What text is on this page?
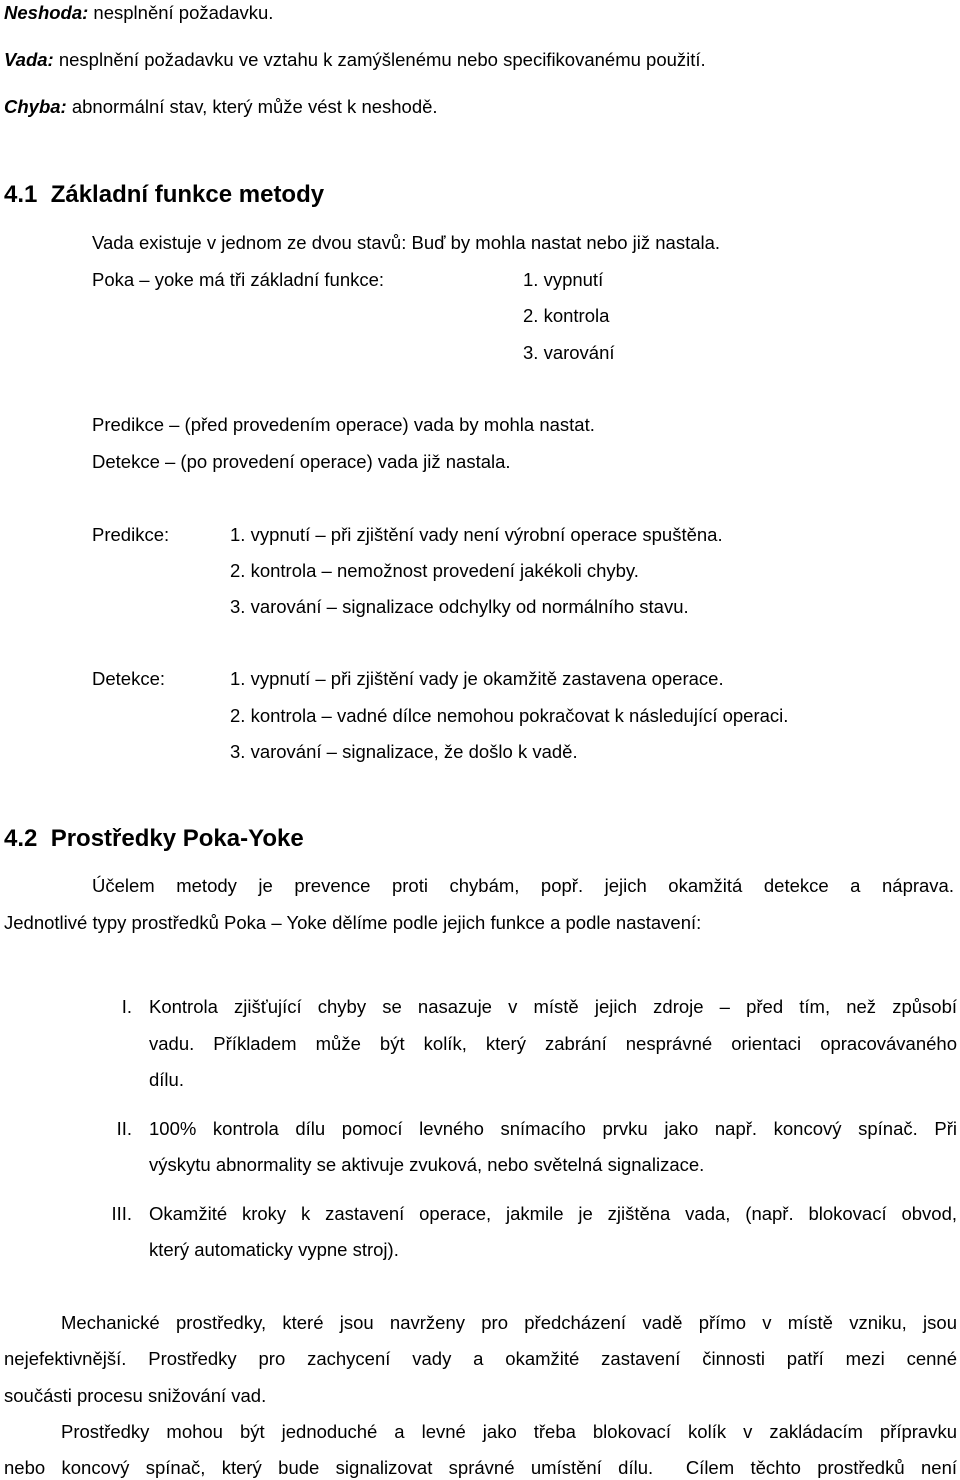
Neshoda: nesplnění požadavku.
Vada: nesplnění požadavku ve vztahu k zamýšlenému nebo specifikovanému použití.
Chyba: abnormální stav, který může vést k neshodě.
4.1  Základní funkce metody
Vada existuje v jednom ze dvou stavů: Buď by mohla nastat nebo již nastala.
Poka – yoke má tři základní funkce:	1. vypnutí
2. kontrola
3. varování
Predikce – (před provedením operace) vada by mohla nastat.
Detekce – (po provedení operace) vada již nastala.
Predikce:	1. vypnutí – při zjištění vady není výrobní operace spuštěna.
2. kontrola – nemožnost provedení jakékoli chyby.
3. varování – signalizace odchylky od normálního stavu.
Detekce:	1. vypnutí – při zjištění vady je okamžitě zastavena operace.
2. kontrola – vadné dílce nemohou pokračovat k následující operaci.
3. varování – signalizace, že došlo k vadě.
4.2  Prostředky Poka-Yoke
Účelem metody je prevence proti chybám, popř. jejich okamžitá detekce a náprava.
Jednotlivé typy prostředků Poka – Yoke dělíme podle jejich funkce a podle nastavení:
I. Kontrola zjišťující chyby se nasazuje v místě jejich zdroje – před tím, než způsobí
vadu. Příkladem může být kolík, který zabrání nesprávné orientaci opracovávaného
dílu.
II. 100% kontrola dílu pomocí levného snímacího prvku jako např. koncový spínač. Při
výskytu abnormality se aktivuje zvuková, nebo světelná signalizace.
III. Okamžité kroky k zastavení operace, jakmile je zjištěna vada, (např. blokovací obvod,
který automaticky vypne stroj).
Mechanické prostředky, které jsou navrženy pro předcházení vadě přímo v místě vzniku, jsou
nejefektivnější. Prostředky pro zachycení vady a okamžité zastavení činnosti patří mezi cenné
součásti procesu snižování vad.
Prostředky mohou být jednoduché a levné jako třeba blokovací kolík v zakládacím přípravku
nebo koncový spínač, který bude signalizovat správné umístění dílu.  Cílem těchto prostředků není
